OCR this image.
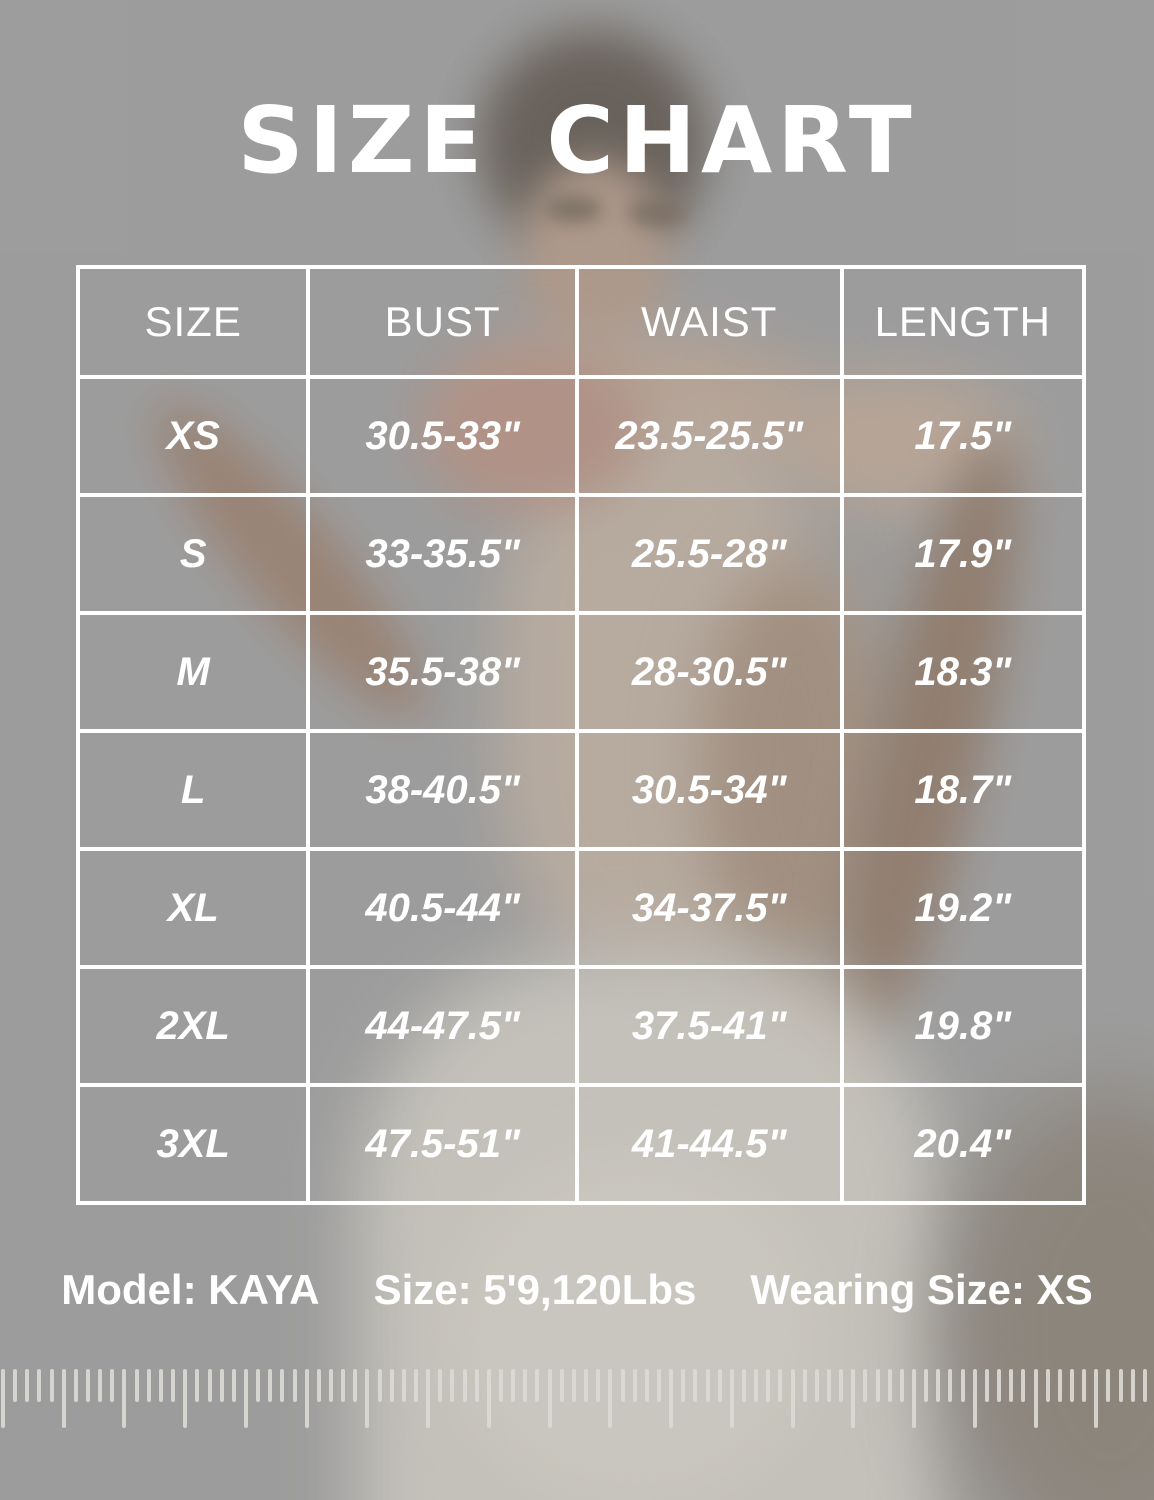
SIZE CHART
SIZE	BUST	WAIST	LENGTH
XS	30.5-33"	23.5-25.5"	17.5"
S	33-35.5"	25.5-28"	17.9"
M	35.5-38"	28-30.5"	18.3"
L	38-40.5"	30.5-34"	18.7"
XL	40.5-44"	34-37.5"	19.2"
2XL	44-47.5"	37.5-41"	19.8"
3XL	47.5-51"	41-44.5"	20.4"
Model: KAYA Size: 5'9,120Lbs Wearing Size: XS
